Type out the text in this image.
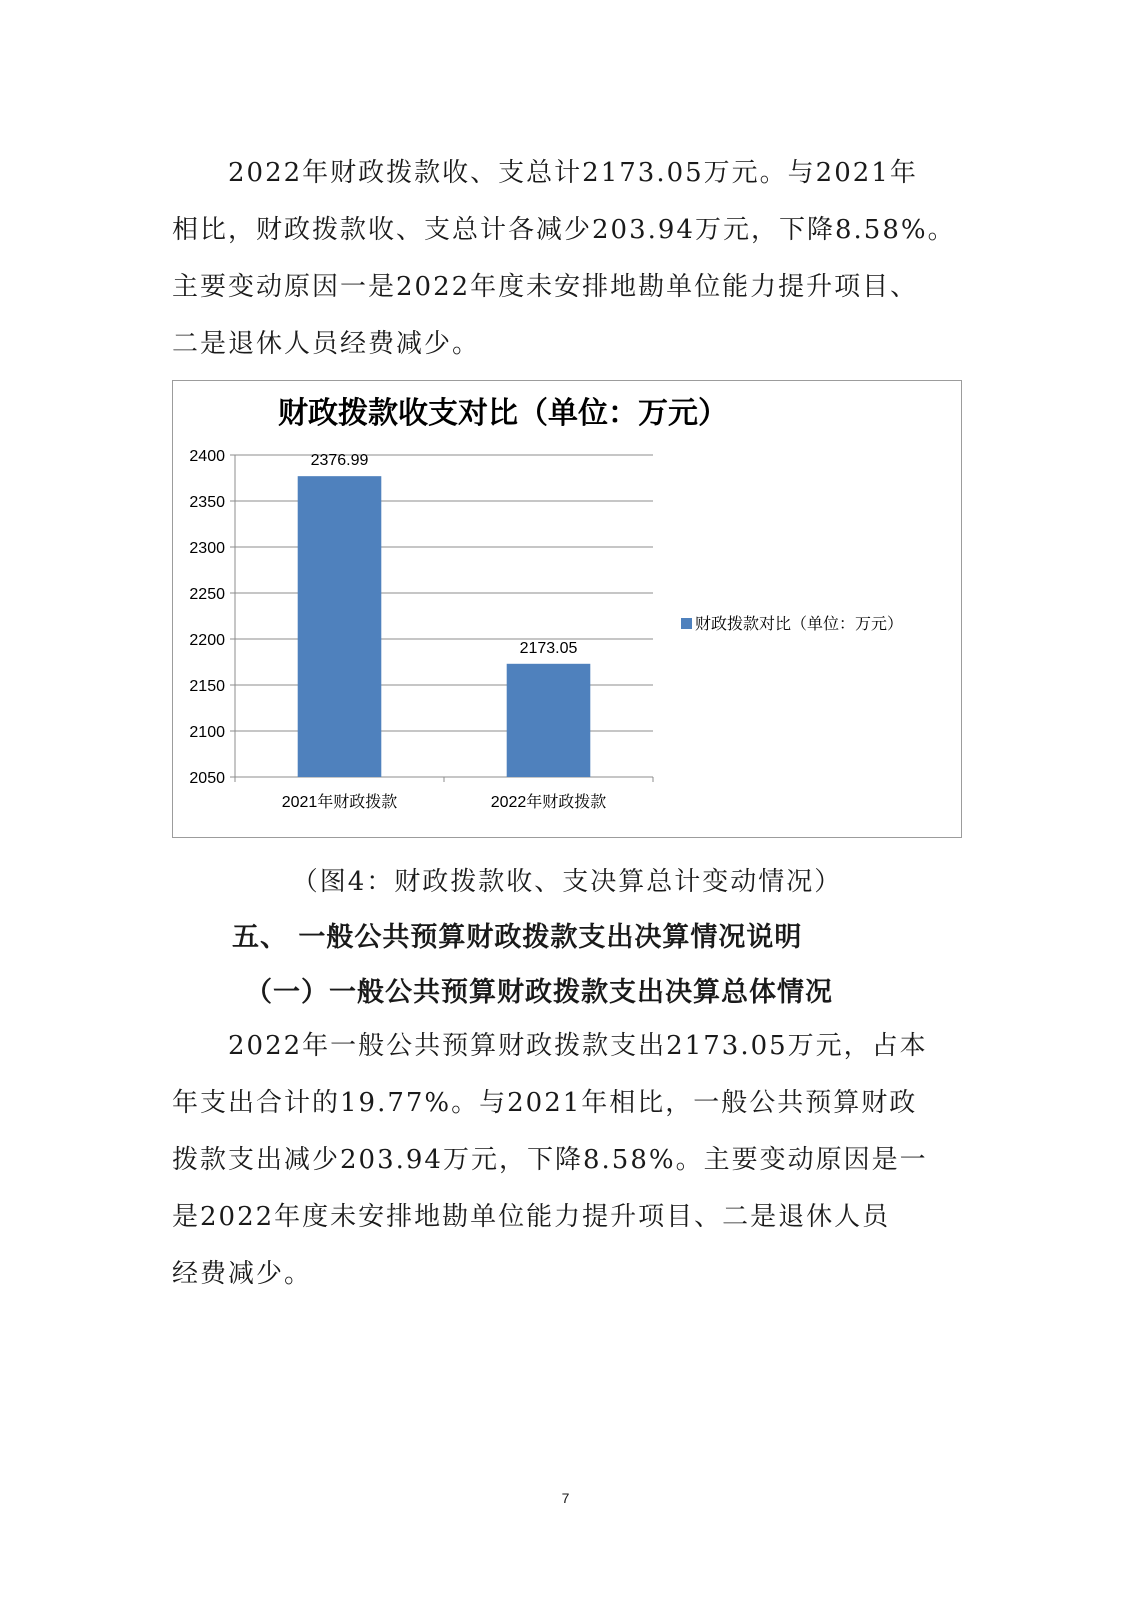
　　2022年财政拨款收、支总计2173.05万元。与2021年
相比，财政拨款收、支总计各减少203.94万元，下降8.58%。
主要变动原因一是2022年度未安排地勘单位能力提升项目、
二是退休人员经费减少。
财政拨款收支对比（单位：万元）
2050
2100
2150
2200
2250
2300
2350
2400
2021年财政拨款	2022年财政拨款
2376.99
2173.05
财政拨款对比（单位：万元）
（图4：财政拨款收、支决算总计变动情况）
五、 一般公共预算财政拨款支出决算情况说明
（一）一般公共预算财政拨款支出决算总体情况
　　2022年一般公共预算财政拨款支出2173.05万元，占本
年支出合计的19.77%。与2021年相比，一般公共预算财政
拨款支出减少203.94万元，下降8.58%。主要变动原因是一
是2022年度未安排地勘单位能力提升项目、二是退休人员
经费减少。
7
